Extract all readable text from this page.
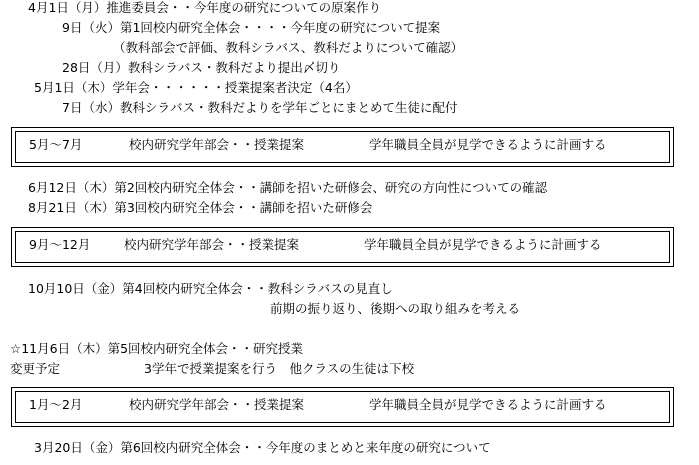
4月1日（月）推進委員会・・今年度の研究についての原案作り
9日（火）第1回校内研究全体会・・・・今年度の研究について提案
（教科部会で評価、教科シラバス、教科だよりについて確認）
28日（月）教科シラバス・教科だより提出〆切り
5月1日（木）学年会・・・・・・授業提案者決定（4名）
7日（水）教科シラバス・教科だよりを学年ごとにまとめて生徒に配付
5月～7月	校内研究学年部会・・授業提案	学年職員全員が見学できるように計画する
6月12日（木）第2回校内研究全体会・・講師を招いた研修会、研究の方向性についての確認
8月21日（木）第3回校内研究全体会・・講師を招いた研修会
9月～12月	校内研究学年部会・・授業提案	学年職員全員が見学できるように計画する
10月10日（金）第4回校内研究全体会・・教科シラバスの見直し
前期の振り返り、後期への取り組みを考える
☆11月6日（木）第5回校内研究全体会・・研究授業
変更予定	3学年で授業提案を行う　他クラスの生徒は下校
1月～2月	校内研究学年部会・・授業提案	学年職員全員が見学できるように計画する
3月20日（金）第6回校内研究全体会・・今年度のまとめと来年度の研究について
